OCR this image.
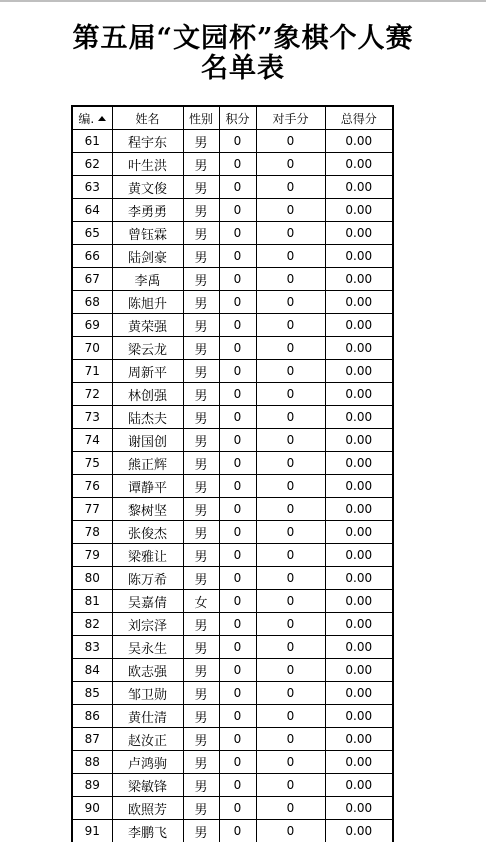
第五届“文园杯”象棋个人赛
名单表
编.	姓名	性别	积分	对手分	总得分
61	程宇东	男	0	0	0.00
62	叶生洪	男	0	0	0.00
63	黄文俊	男	0	0	0.00
64	李勇勇	男	0	0	0.00
65	曾钰霖	男	0	0	0.00
66	陆剑豪	男	0	0	0.00
67	李禹	男	0	0	0.00
68	陈旭升	男	0	0	0.00
69	黄荣强	男	0	0	0.00
70	梁云龙	男	0	0	0.00
71	周新平	男	0	0	0.00
72	林创强	男	0	0	0.00
73	陆杰夫	男	0	0	0.00
74	谢国创	男	0	0	0.00
75	熊正辉	男	0	0	0.00
76	谭静平	男	0	0	0.00
77	黎树坚	男	0	0	0.00
78	张俊杰	男	0	0	0.00
79	梁雅让	男	0	0	0.00
80	陈万希	男	0	0	0.00
81	吴嘉倩	女	0	0	0.00
82	刘宗泽	男	0	0	0.00
83	吴永生	男	0	0	0.00
84	欧志强	男	0	0	0.00
85	邹卫勋	男	0	0	0.00
86	黄仕清	男	0	0	0.00
87	赵汝正	男	0	0	0.00
88	卢鸿驹	男	0	0	0.00
89	梁敏锋	男	0	0	0.00
90	欧照芳	男	0	0	0.00
91	李鹏飞	男	0	0	0.00
